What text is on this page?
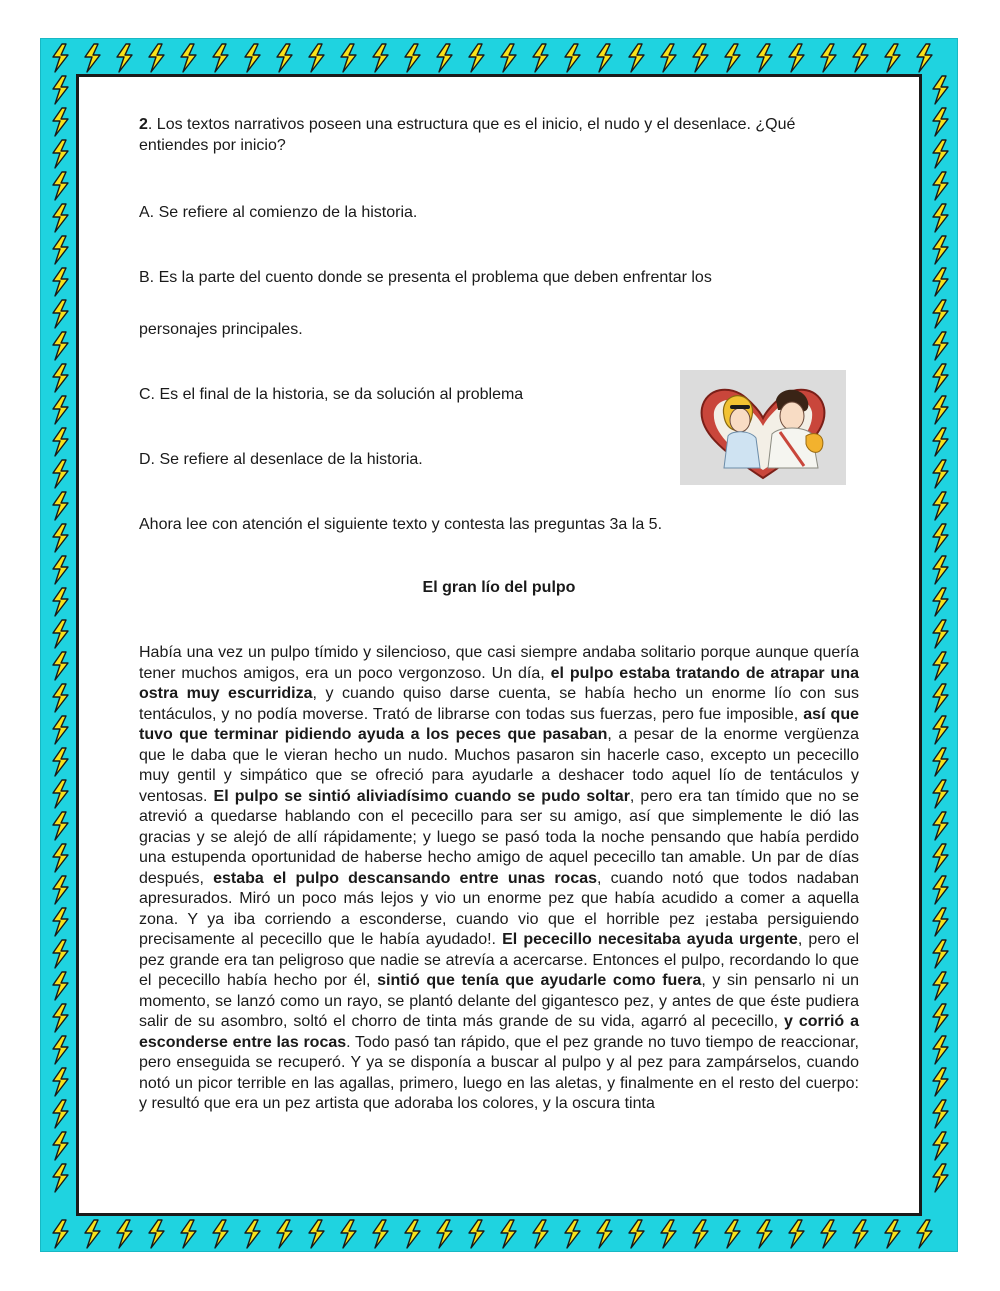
2. Los textos narrativos poseen una estructura que es el inicio, el nudo y el desenlace. ¿Qué entiendes por inicio?

A. Se refiere al comienzo de la historia.

B. Es la parte del cuento donde se presenta el problema que deben enfrentar los

personajes principales.

C. Es el final de la historia, se da solución al problema

D. Se refiere al desenlace de la historia.

Ahora lee con atención el siguiente texto y contesta las preguntas 3a la 5.

El gran lío del pulpo

Había una vez un pulpo tímido y silencioso, que casi siempre andaba solitario porque aunque quería tener muchos amigos, era un poco vergonzoso. Un día, el pulpo estaba tratando de atrapar una ostra muy escurridiza, y cuando quiso darse cuenta, se había hecho un enorme lío con sus tentáculos, y no podía moverse. Trató de librarse con todas sus fuerzas, pero fue imposible, así que tuvo que terminar pidiendo ayuda a los peces que pasaban, a pesar de la enorme vergüenza que le daba que le vieran hecho un nudo. Muchos pasaron sin hacerle caso, excepto un pececillo muy gentil y simpático que se ofreció para ayudarle a deshacer todo aquel lío de tentáculos y ventosas. El pulpo se sintió aliviadísimo cuando se pudo soltar, pero era tan tímido que no se atrevió a quedarse hablando con el pececillo para ser su amigo, así que simplemente le dió las gracias y se alejó de allí rápidamente; y luego se pasó toda la noche pensando que había perdido una estupenda oportunidad de haberse hecho amigo de aquel pececillo tan amable. Un par de días después, estaba el pulpo descansando entre unas rocas, cuando notó que todos nadaban apresurados. Miró un poco más lejos y vio un enorme pez que había acudido a comer a aquella zona. Y ya iba corriendo a esconderse, cuando vio que el horrible pez ¡estaba persiguiendo precisamente al pececillo que le había ayudado!. El pececillo necesitaba ayuda urgente, pero el pez grande era tan peligroso que nadie se atrevía a acercarse. Entonces el pulpo, recordando lo que el pececillo había hecho por él, sintió que tenía que ayudarle como fuera, y sin pensarlo ni un momento, se lanzó como un rayo, se plantó delante del gigantesco pez, y antes de que éste pudiera salir de su asombro, soltó el chorro de tinta más grande de su vida, agarró al pececillo, y corrió a esconderse entre las rocas. Todo pasó tan rápido, que el pez grande no tuvo tiempo de reaccionar, pero enseguida se recuperó. Y ya se disponía a buscar al pulpo y al pez para zampárselos, cuando notó un picor terrible en las agallas, primero, luego en las aletas, y finalmente en el resto del cuerpo: y resultó que era un pez artista que adoraba los colores, y la oscura tinta
